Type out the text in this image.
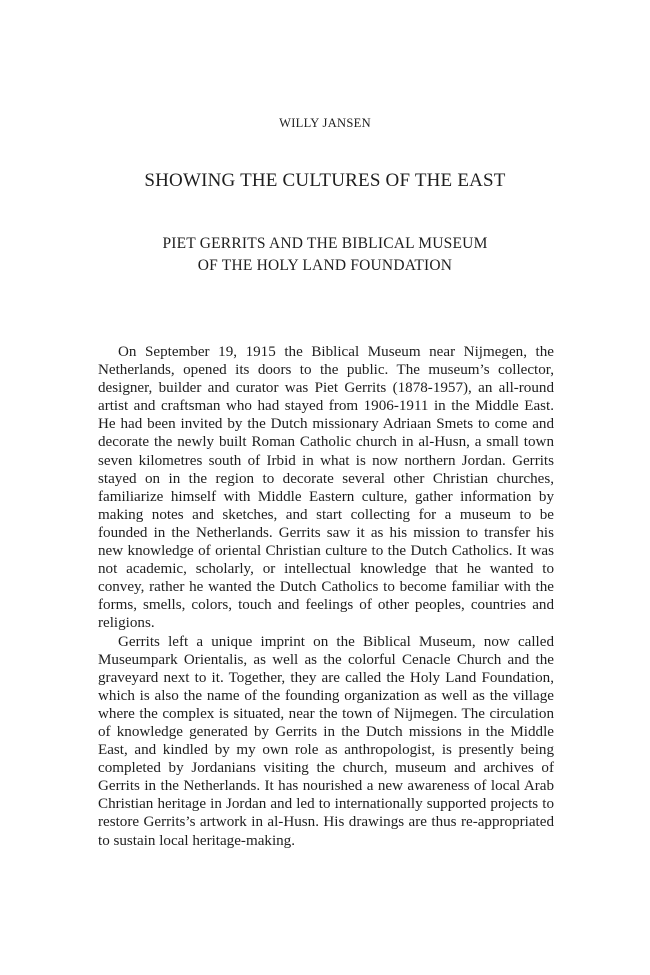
WILLY JANSEN
SHOWING THE CULTURES OF THE EAST
PIET GERRITS AND THE BIBLICAL MUSEUM
OF THE HOLY LAND FOUNDATION

On September 19, 1915 the Biblical Museum near Nijmegen, the Netherlands, opened its doors to the public. The museum’s collector, designer, builder and curator was Piet Gerrits (1878-1957), an all-round artist and craftsman who had stayed from 1906-1911 in the Middle East. He had been invited by the Dutch missionary Adriaan Smets to come and decorate the newly built Roman Catholic church in al-Husn, a small town seven kilometres south of Irbid in what is now northern Jordan. Gerrits stayed on in the region to decorate several other Christian churches, familiarize himself with Middle Eastern culture, gather information by making notes and sketches, and start collecting for a museum to be founded in the Netherlands. Gerrits saw it as his mission to transfer his new knowledge of oriental Christian culture to the Dutch Catholics. It was not academic, scholarly, or intellectual knowledge that he wanted to convey, rather he wanted the Dutch Catholics to become familiar with the forms, smells, colors, touch and feelings of other peoples, countries and religions.

Gerrits left a unique imprint on the Biblical Museum, now called Museumpark Orientalis, as well as the colorful Cenacle Church and the graveyard next to it. Together, they are called the Holy Land Foundation, which is also the name of the founding organization as well as the village where the complex is situated, near the town of Nijmegen. The circulation of knowledge generated by Gerrits in the Dutch missions in the Middle East, and kindled by my own role as anthropologist, is presently being completed by Jordanians visiting the church, museum and archives of Gerrits in the Netherlands. It has nourished a new awareness of local Arab Christian heritage in Jordan and led to internationally supported projects to restore Gerrits’s artwork in al-Husn. His drawings are thus re-appropriated to sustain local heritage-making.
